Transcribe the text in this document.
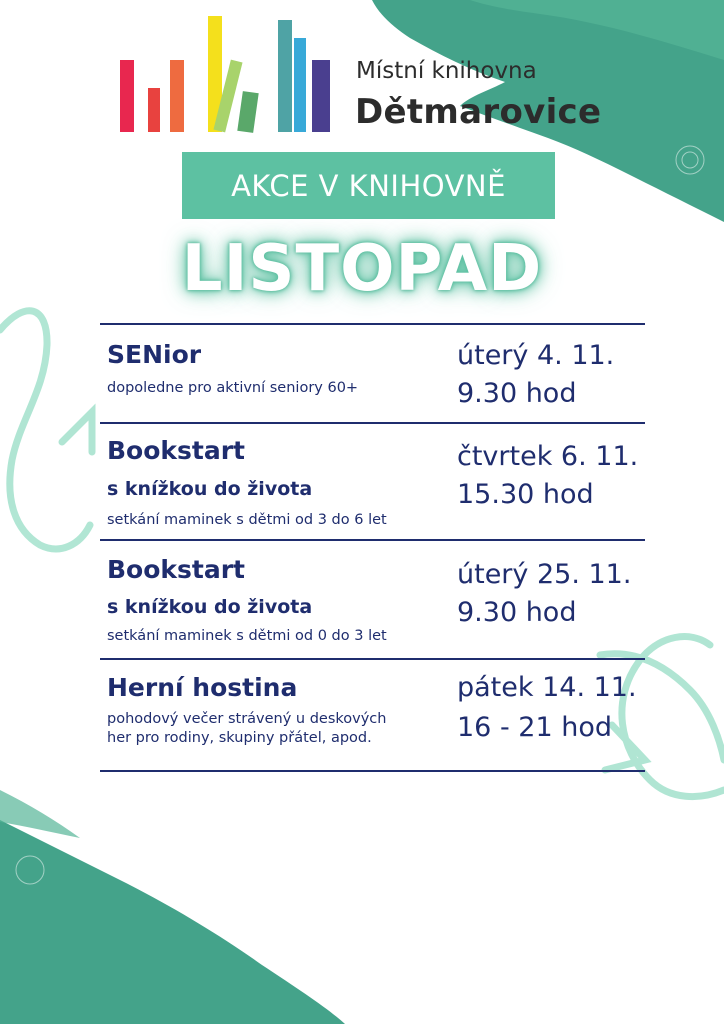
Místní knihovna
Dětmarovice
AKCE V KNIHOVNĚ
LISTOPAD
SENior
dopoledne pro aktivní seniory 60+
úterý 4. 11.
9.30 hod
Bookstart
s knížkou do života
setkání maminek s dětmi od 3 do 6 let
čtvrtek 6. 11.
15.30 hod
Bookstart
s knížkou do života
setkání maminek s dětmi od 0 do 3 let
úterý 25. 11.
9.30 hod
Herní hostina
pohodový večer strávený u deskových
her pro rodiny, skupiny přátel, apod.
pátek 14. 11.
16 - 21 hod
